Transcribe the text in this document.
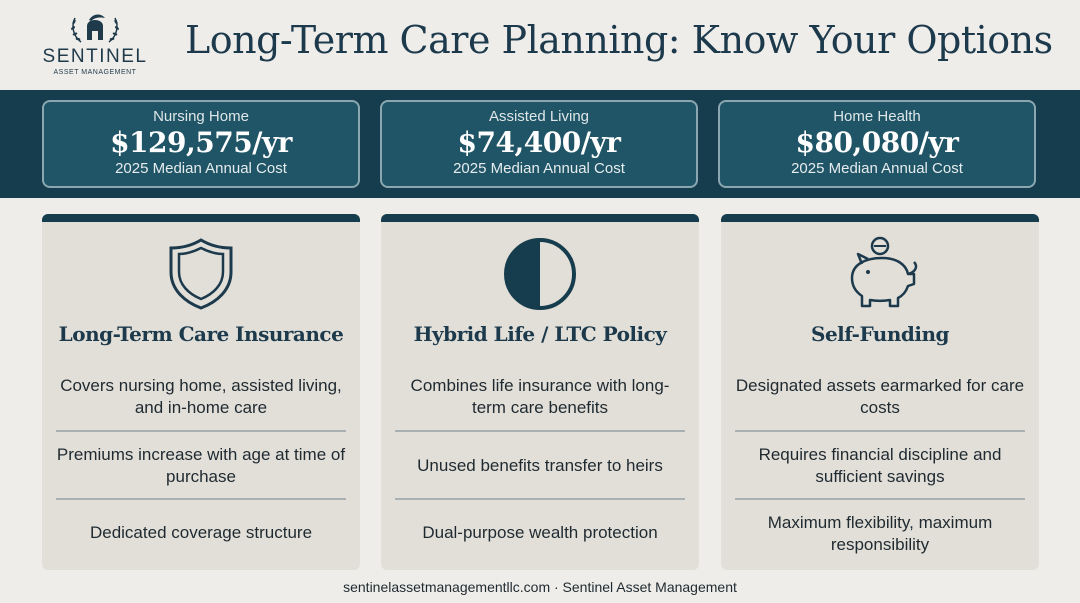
SENTINEL
ASSET MANAGEMENT
Long-Term Care Planning: Know Your Options
Nursing Home
$129,575/yr
2025 Median Annual Cost
Assisted Living
$74,400/yr
2025 Median Annual Cost
Home Health
$80,080/yr
2025 Median Annual Cost
Long-Term Care Insurance
Covers nursing home, assisted living, and in-home care
Premiums increase with age at time of purchase
Dedicated coverage structure
Hybrid Life / LTC Policy
Combines life insurance with long-term care benefits
Unused benefits transfer to heirs
Dual-purpose wealth protection
Self-Funding
Designated assets earmarked for care costs
Requires financial discipline and sufficient savings
Maximum flexibility, maximum responsibility
sentinelassetmanagementllc.com · Sentinel Asset Management
